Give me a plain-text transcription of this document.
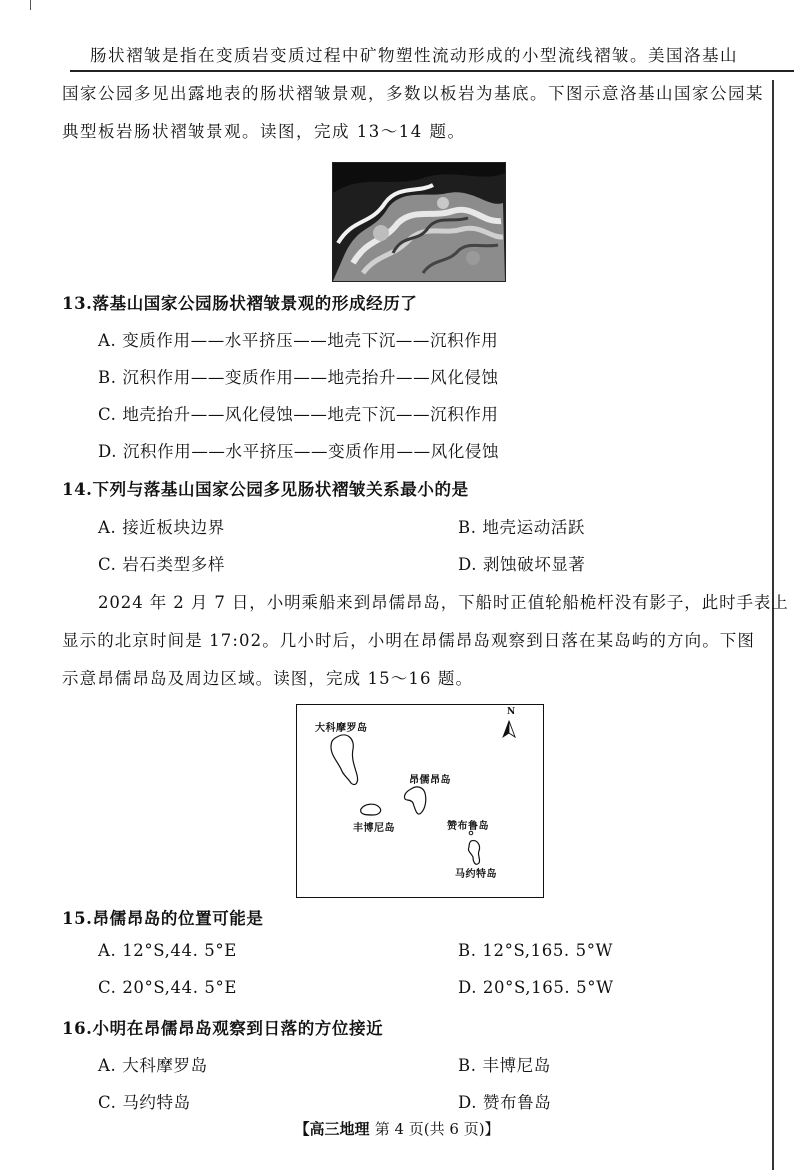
肠状褶皱是指在变质岩变质过程中矿物塑性流动形成的小型流线褶皱。美国洛基山
国家公园多见出露地表的肠状褶皱景观，多数以板岩为基底。下图示意洛基山国家公园某
典型板岩肠状褶皱景观。读图，完成 13～14 题。
13.落基山国家公园肠状褶皱景观的形成经历了
A. 变质作用——水平挤压——地壳下沉——沉积作用
B. 沉积作用——变质作用——地壳抬升——风化侵蚀
C. 地壳抬升——风化侵蚀——地壳下沉——沉积作用
D. 沉积作用——水平挤压——变质作用——风化侵蚀
14.下列与落基山国家公园多见肠状褶皱关系最小的是
A. 接近板块边界	B. 地壳运动活跃
C. 岩石类型多样	D. 剥蚀破坏显著
2024 年 2 月 7 日，小明乘船来到昂儒昂岛，下船时正值轮船桅杆没有影子，此时手表上
显示的北京时间是 17:02。几小时后，小明在昂儒昂岛观察到日落在某岛屿的方向。下图
示意昂儒昂岛及周边区域。读图，完成 15～16 题。
N
大科摩罗岛
昂儒昂岛
丰博尼岛	赞布鲁岛
马约特岛
15.昂儒昂岛的位置可能是
A. 12°S,44. 5°E	B. 12°S,165. 5°W
C. 20°S,44. 5°E	D. 20°S,165. 5°W
16.小明在昂儒昂岛观察到日落的方位接近
A. 大科摩罗岛	B. 丰博尼岛
C. 马约特岛	D. 赞布鲁岛
【高三地理 第 4 页(共 6 页)】
